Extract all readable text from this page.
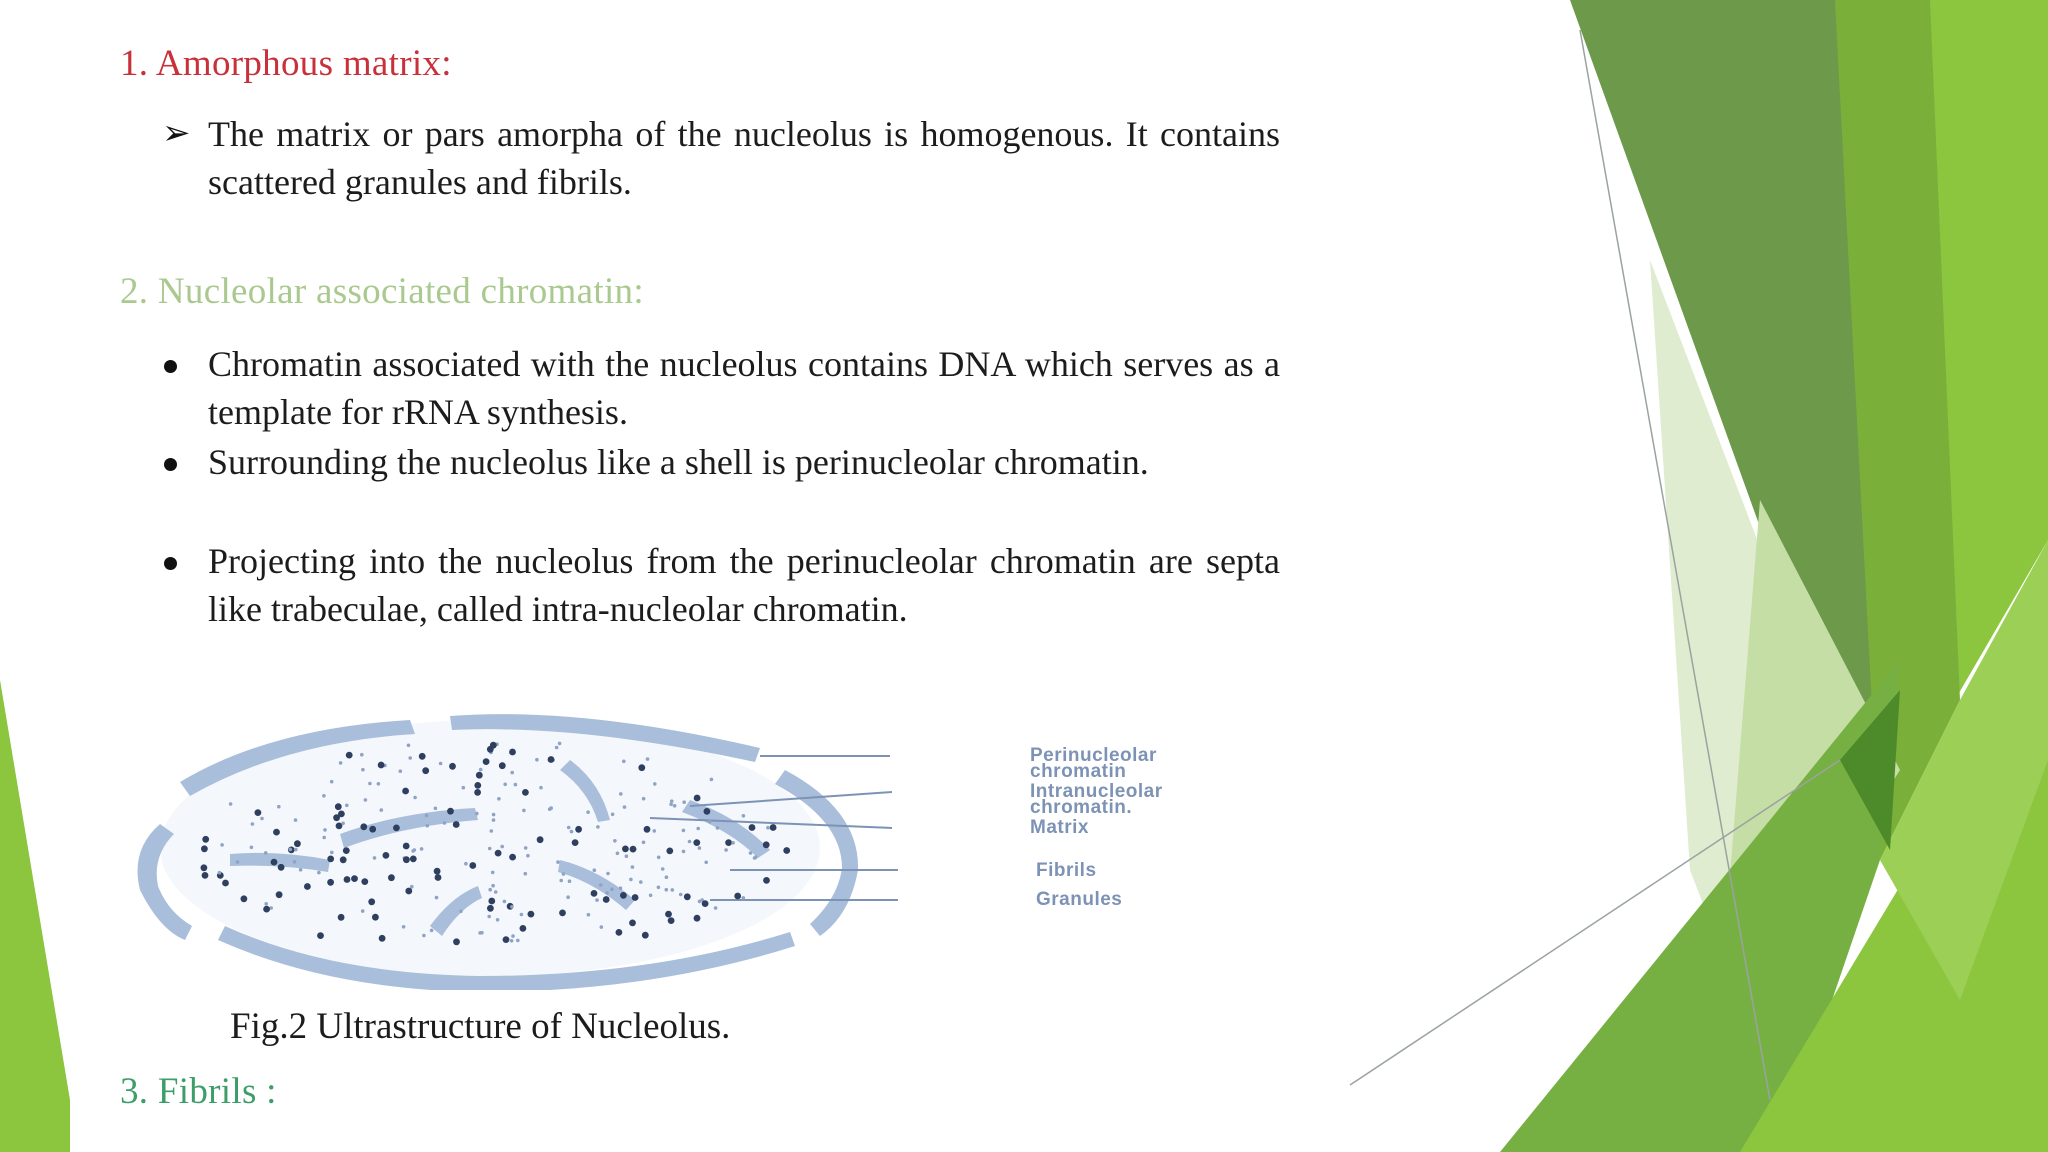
1. Amorphous matrix:

➢ The matrix or pars amorpha of the nucleolus is homogenous. It contains scattered granules and fibrils.

2. Nucleolar associated chromatin:

Chromatin associated with the nucleolus contains DNA which serves as a template for rRNA synthesis.

Surrounding the nucleolus like a shell is perinucleolar chromatin.

Projecting into the nucleolus from the perinucleolar chromatin are septa like trabeculae, called intra-nucleolar chromatin.

Perinucleolar
chromatin
Intranucleolar
chromatin.
Matrix
Fibrils
Granules

Fig.2 Ultrastructure of Nucleolus.

3. Fibrils :
